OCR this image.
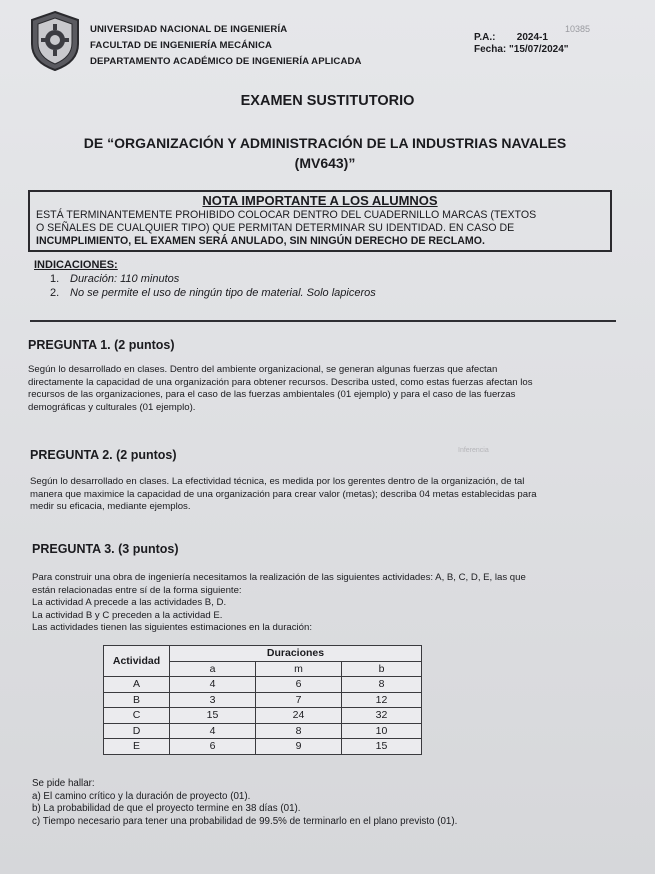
UNIVERSIDAD NACIONAL DE INGENIERÍA
FACULTAD DE INGENIERÍA MECÁNICA
DEPARTAMENTO ACADÉMICO DE INGENIERÍA APLICADA
10385
P.A.: 2024-1
Fecha: "15/07/2024"
EXAMEN SUSTITUTORIO
DE “ORGANIZACIÓN Y ADMINISTRACIÓN DE LA INDUSTRIAS NAVALES
(MV643)”
NOTA IMPORTANTE A LOS ALUMNOS
ESTÁ TERMINANTEMENTE PROHIBIDO COLOCAR DENTRO DEL CUADERNILLO MARCAS (TEXTOS
O SEÑALES DE CUALQUIER TIPO) QUE PERMITAN DETERMINAR SU IDENTIDAD. EN CASO DE
INCUMPLIMIENTO, EL EXAMEN SERÁ ANULADO, SIN NINGÚN DERECHO DE RECLAMO.
INDICACIONES:
1. Duración: 110 minutos
2. No se permite el uso de ningún tipo de material. Solo lapiceros
PREGUNTA 1. (2 puntos)
Según lo desarrollado en clases. Dentro del ambiente organizacional, se generan algunas fuerzas que afectan
directamente la capacidad de una organización para obtener recursos. Describa usted, como estas fuerzas afectan los
recursos de las organizaciones, para el caso de las fuerzas ambientales (01 ejemplo) y para el caso de las fuerzas
demográficas y culturales (01 ejemplo).
PREGUNTA 2. (2 puntos)	Inferencia
Según lo desarrollado en clases. La efectividad técnica, es medida por los gerentes dentro de la organización, de tal
manera que maximice la capacidad de una organización para crear valor (metas); describa 04 metas establecidas para
medir su eficacia, mediante ejemplos.
PREGUNTA 3. (3 puntos)
Para construir una obra de ingeniería necesitamos la realización de las siguientes actividades: A, B, C, D, E, las que
están relacionadas entre sí de la forma siguiente:
La actividad A precede a las actividades B, D.
La actividad B y C preceden a la actividad E.
Las actividades tienen las siguientes estimaciones en la duración:
Actividad	Duraciones		
	a	m	b
A	4	6	8
B	3	7	12
C	15	24	32
D	4	8	10
E	6	9	15
Se pide hallar:
a) El camino crítico y la duración de proyecto (01).
b) La probabilidad de que el proyecto termine en 38 días (01).
c) Tiempo necesario para tener una probabilidad de 99.5% de terminarlo en el plano previsto (01).
